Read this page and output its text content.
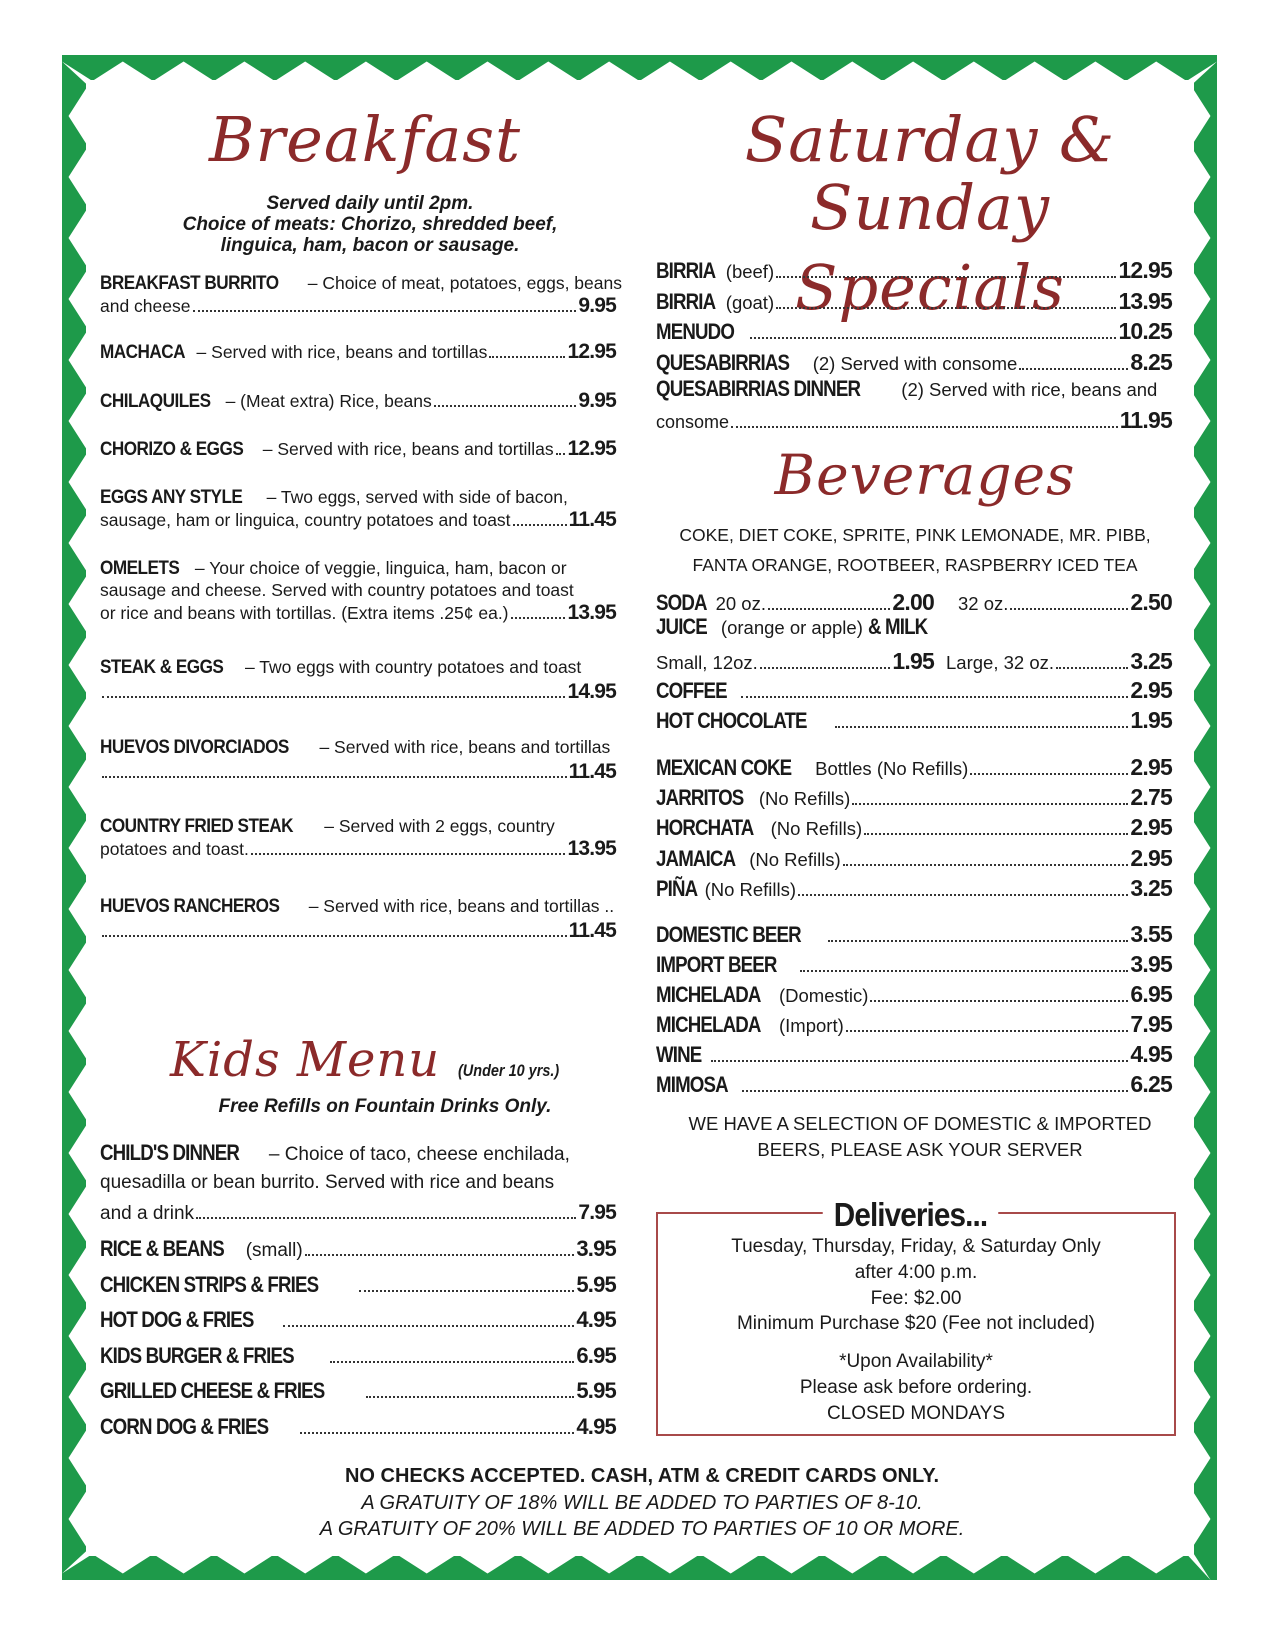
Breakfast
Served daily until 2pm.
Choice of meats: Chorizo, shredded beef,
linguica, ham, bacon or sausage.
BREAKFAST BURRITO – Choice of meat, potatoes, eggs, beans
and cheese	9.95
MACHACA – Served with rice, beans and tortillas	12.95
CHILAQUILES – (Meat extra) Rice, beans	9.95
CHORIZO & EGGS – Served with rice, beans and tortillas 12.95
EGGS ANY STYLE – Two eggs, served with side of bacon,
sausage, ham or linguica, country potatoes and toast	11.45
OMELETS – Your choice of veggie, linguica, ham, bacon or
sausage and cheese. Served with country potatoes and toast
or rice and beans with tortillas. (Extra items .25¢ ea.)	13.95
STEAK & EGGS – Two eggs with country potatoes and toast
14.95
HUEVOS DIVORCIADOS – Served with rice, beans and tortillas
11.45
COUNTRY FRIED STEAK – Served with 2 eggs, country
potatoes and toast.	13.95
HUEVOS RANCHEROS – Served with rice, beans and tortillas ..
11.45
Kids Menu	(Under 10 yrs.)
Free Refills on Fountain Drinks Only.
CHILD'S DINNER – Choice of taco, cheese enchilada,
quesadilla or bean burrito. Served with rice and beans
and a drink	7.95
RICE & BEANS (small)	3.95
CHICKEN STRIPS & FRIES	5.95
HOT DOG & FRIES	4.95
KIDS BURGER & FRIES	6.95
GRILLED CHEESE & FRIES	5.95
CORN DOG & FRIES	4.95
Saturday &
Sunday Specials
BIRRIA (beef)	12.95
BIRRIA (goat)	13.95
MENUDO	10.25
QUESABIRRIAS (2) Served with consome	8.25
QUESABIRRIAS DINNER (2) Served with rice, beans and
consome	11.95
Beverages
COKE, DIET COKE, SPRITE, PINK LEMONADE, MR. PIBB,
FANTA ORANGE, ROOTBEER, RASPBERRY ICED TEA
SODA 20 oz.	2.00 32 oz.	2.50
JUICE (orange or apple) & MILK
Small, 12oz.	1.95 Large, 32 oz.	3.25
COFFEE	2.95
HOT CHOCOLATE	1.95
MEXICAN COKE Bottles (No Refills)	2.95
JARRITOS (No Refills)	2.75
HORCHATA (No Refills)	2.95
JAMAICA (No Refills)	2.95
PIÑA (No Refills)	3.25
DOMESTIC BEER	3.55
IMPORT BEER	3.95
MICHELADA (Domestic)	6.95
MICHELADA (Import)	7.95
WINE	4.95
MIMOSA	6.25
WE HAVE A SELECTION OF DOMESTIC & IMPORTED
BEERS, PLEASE ASK YOUR SERVER
Deliveries...
Tuesday, Thursday, Friday, & Saturday Only
after 4:00 p.m.
Fee: $2.00
Minimum Purchase $20 (Fee not included)
*Upon Availability*
Please ask before ordering.
CLOSED MONDAYS
NO CHECKS ACCEPTED. CASH, ATM & CREDIT CARDS ONLY.
A GRATUITY OF 18% WILL BE ADDED TO PARTIES OF 8-10.
A GRATUITY OF 20% WILL BE ADDED TO PARTIES OF 10 OR MORE.
